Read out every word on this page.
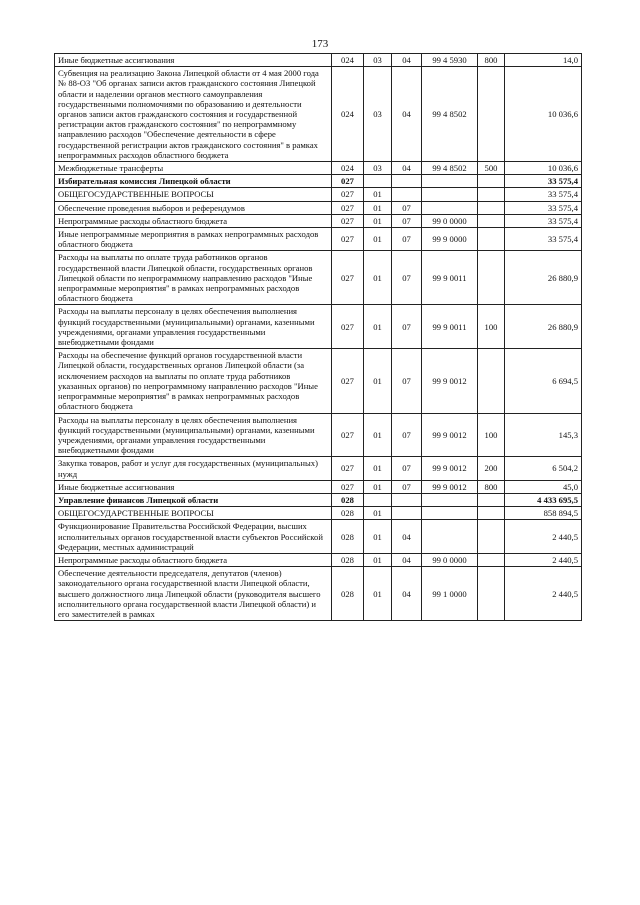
173
Иные бюджетные ассигнования	024	03	04	99 4 5930	800	14,0
Субвенция на реализацию Закона Липецкой области от 4 мая 2000 года № 88-ОЗ "Об органах записи актов гражданского состояния Липецкой области и наделении органов местного самоуправления государственными полномочиями по образованию и деятельности органов записи актов гражданского состояния и государственной регистрации актов гражданского состояния" по непрограммному направлению расходов "Обеспечение деятельности в сфере государственной регистрации актов гражданского состояния" в рамках непрограммных расходов областного бюджета	024	03	04	99 4 8502		10 036,6
Межбюджетные трансферты	024	03	04	99 4 8502	500	10 036,6
Избирательная комиссия Липецкой области	027					33 575,4
ОБЩЕГОСУДАРСТВЕННЫЕ ВОПРОСЫ	027	01				33 575,4
Обеспечение проведения выборов и референдумов	027	01	07			33 575,4
Непрограммные расходы областного бюджета	027	01	07	99 0 0000		33 575,4
Иные непрограммные мероприятия в рамках непрограммных расходов областного бюджета	027	01	07	99 9 0000		33 575,4
Расходы на выплаты по оплате труда работников органов государственной власти Липецкой области, государственных органов Липецкой области по непрограммному направлению расходов "Иные непрограммные мероприятия" в рамках непрограммных расходов областного бюджета	027	01	07	99 9 0011		26 880,9
Расходы на выплаты персоналу в целях обеспечения выполнения функций государственными (муниципальными) органами, казенными учреждениями, органами управления государственными внебюджетными фондами	027	01	07	99 9 0011	100	26 880,9
Расходы на обеспечение функций органов государственной власти Липецкой области, государственных органов Липецкой области (за исключением расходов на выплаты по оплате труда работников указанных органов) по непрограммному направлению расходов "Иные непрограммные мероприятия" в рамках непрограммных расходов областного бюджета	027	01	07	99 9 0012		6 694,5
Расходы на выплаты персоналу в целях обеспечения выполнения функций государственными (муниципальными) органами, казенными учреждениями, органами управления государственными внебюджетными фондами	027	01	07	99 9 0012	100	145,3
Закупка товаров, работ и услуг для государственных (муниципальных) нужд	027	01	07	99 9 0012	200	6 504,2
Иные бюджетные ассигнования	027	01	07	99 9 0012	800	45,0
Управление финансов Липецкой области	028					4 433 695,5
ОБЩЕГОСУДАРСТВЕННЫЕ ВОПРОСЫ	028	01				858 894,5
Функционирование Правительства Российской Федерации, высших исполнительных органов государственной власти субъектов Российской Федерации, местных администраций	028	01	04			2 440,5
Непрограммные расходы областного бюджета	028	01	04	99 0 0000		2 440,5
Обеспечение деятельности председателя, депутатов (членов) законодательного органа государственной власти Липецкой области, высшего должностного лица Липецкой области (руководителя высшего исполнительного органа государственной власти Липецкой области) и его заместителей в рамках	028	01	04	99 1 0000		2 440,5
